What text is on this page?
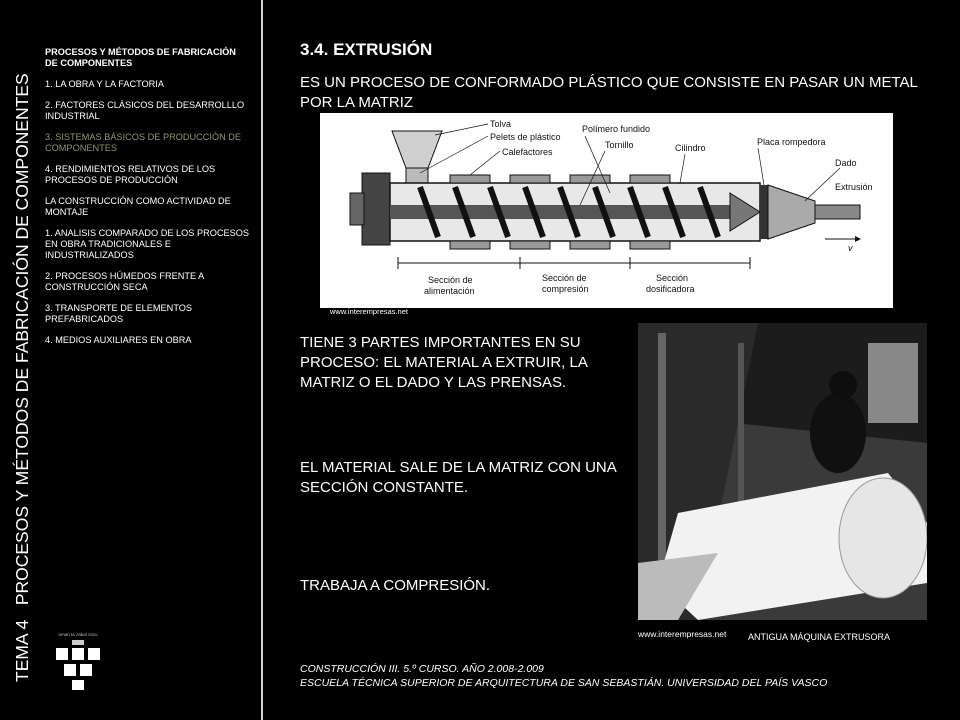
TEMA 4   PROCESOS Y MÉTODOS DE FABRICACIÓN DE COMPONENTES
PROCESOS Y MÉTODOS DE FABRICACIÓN
DE COMPONENTES
1. LA OBRA Y LA FACTORIA
2. FACTORES CLÁSICOS DEL DESARROLLLO INDUSTRIAL
3. SISTEMAS BÁSICOS DE PRODUCCIÓN DE COMPONENTES
4. RENDIMIENTOS RELATIVOS DE LOS PROCESOS DE PRODUCCIÓN
LA CONSTRUCCIÓN COMO ACTIVIDAD DE MONTAJE
1. ANALISIS COMPARADO DE LOS PROCESOS EN OBRA TRADICIONALES E INDUSTRIALIZADOS
2. PROCESOS HÚMEDOS FRENTE A CONSTRUCCIÓN SECA
3. TRANSPORTE DE ELEMENTOS PREFABRICADOS
4. MEDIOS AUXILIARES EN OBRA
eman ta zabal zazu
3.4. EXTRUSIÓN
ES UN PROCESO DE CONFORMADO PLÁSTICO QUE CONSISTE EN PASAR UN METAL POR LA MATRIZ
Tolva
Pelets de plástico
Calefactores
Polímero fundido
Tornillo	Cilindro
Placa rompedora
Dado
Extrusión
v
Sección de
alimentación
Sección de
compresión
Sección
dosificadora
www.interempresas.net
TIENE 3 PARTES IMPORTANTES EN SU PROCESO: EL MATERIAL A EXTRUIR, LA MATRIZ O EL DADO Y LAS PRENSAS.
EL MATERIAL SALE DE LA MATRIZ CON UNA SECCIÓN CONSTANTE.
TRABAJA A COMPRESIÓN.
www.interempresas.net ANTIGUA MÁQUINA EXTRUSORA
CONSTRUCCIÓN III. 5.º CURSO. AÑO 2.008-2.009
ESCUELA TÉCNICA SUPERIOR DE ARQUITECTURA DE SAN SEBASTIÁN. UNIVERSIDAD DEL PAÍS VASCO
